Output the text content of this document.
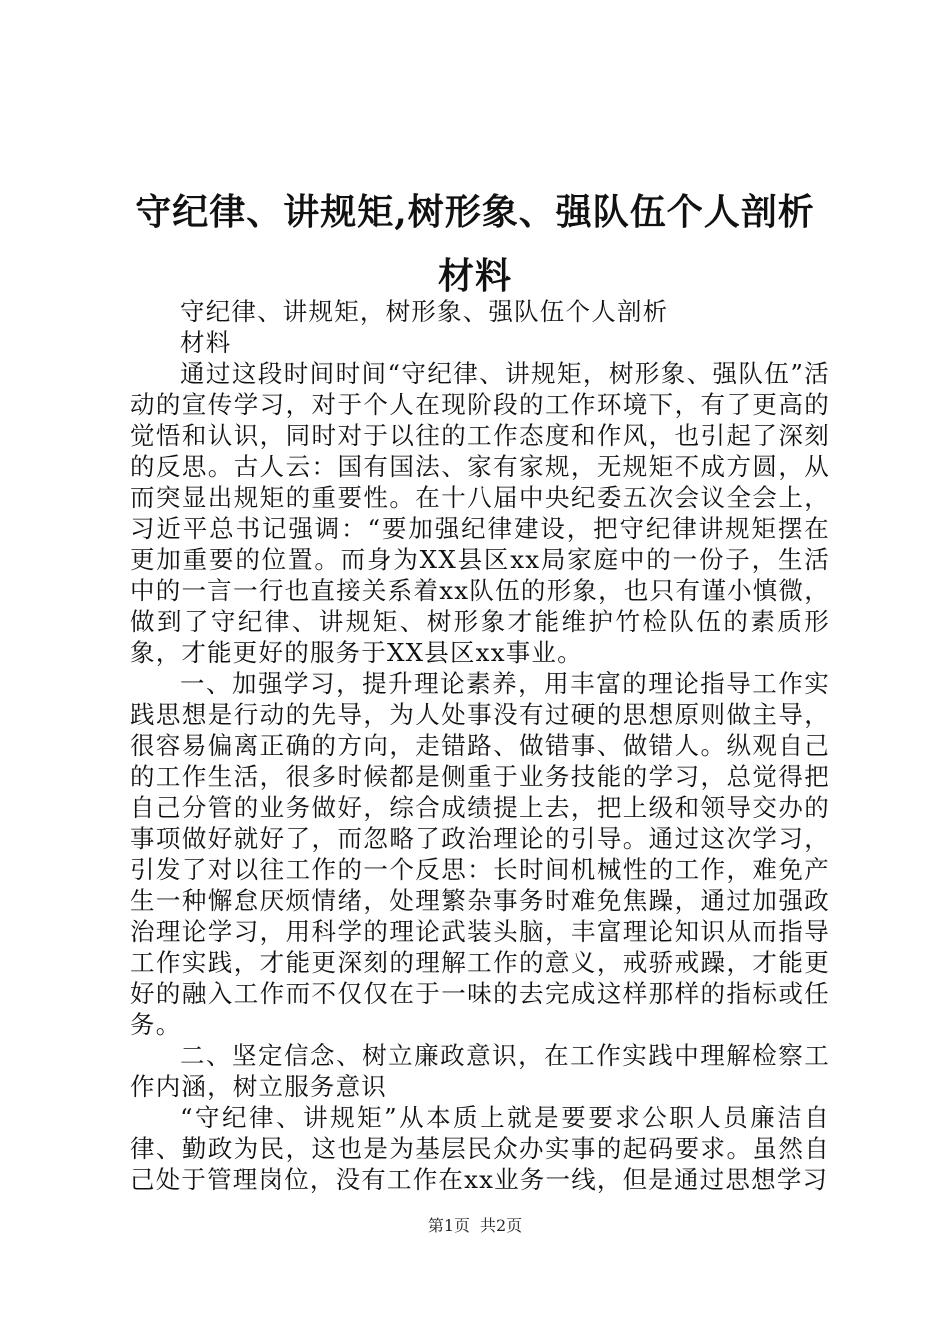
守纪律、讲规矩,树形象、强队伍个人剖析材料

守纪律、讲规矩，树形象、强队伍个人剖析

材料

通过这段时间时间“守纪律、讲规矩，树形象、强队伍”活动的宣传学习，对于个人在现阶段的工作环境下，有了更高的觉悟和认识，同时对于以往的工作态度和作风，也引起了深刻的反思。古人云：国有国法、家有家规，无规矩不成方圆，从而突显出规矩的重要性。在十八届中央纪委五次会议全会上，习近平总书记强调：“要加强纪律建设，把守纪律讲规矩摆在更加重要的位置。而身为XX县区xx局家庭中的一份子，生活中的一言一行也直接关系着xx队伍的形象，也只有谨小慎微，做到了守纪律、讲规矩、树形象才能维护竹检队伍的素质形象，才能更好的服务于XX县区xx事业。

一、加强学习，提升理论素养，用丰富的理论指导工作实践思想是行动的先导，为人处事没有过硬的思想原则做主导，很容易偏离正确的方向，走错路、做错事、做错人。纵观自己的工作生活，很多时候都是侧重于业务技能的学习，总觉得把自己分管的业务做好，综合成绩提上去，把上级和领导交办的事项做好就好了，而忽略了政治理论的引导。通过这次学习，引发了对以往工作的一个反思：长时间机械性的工作，难免产生一种懈怠厌烦情绪，处理繁杂事务时难免焦躁，通过加强政治理论学习，用科学的理论武装头脑，丰富理论知识从而指导工作实践，才能更深刻的理解工作的意义，戒骄戒躁，才能更好的融入工作而不仅仅在于一味的去完成这样那样的指标或任务。

二、坚定信念、树立廉政意识，在工作实践中理解检察工作内涵，树立服务意识

“守纪律、讲规矩”从本质上就是要要求公职人员廉洁自律、勤政为民，这也是为基层民众办实事的起码要求。虽然自己处于管理岗位，没有工作在xx业务一线，但是通过思想学习

第1页 共2页
